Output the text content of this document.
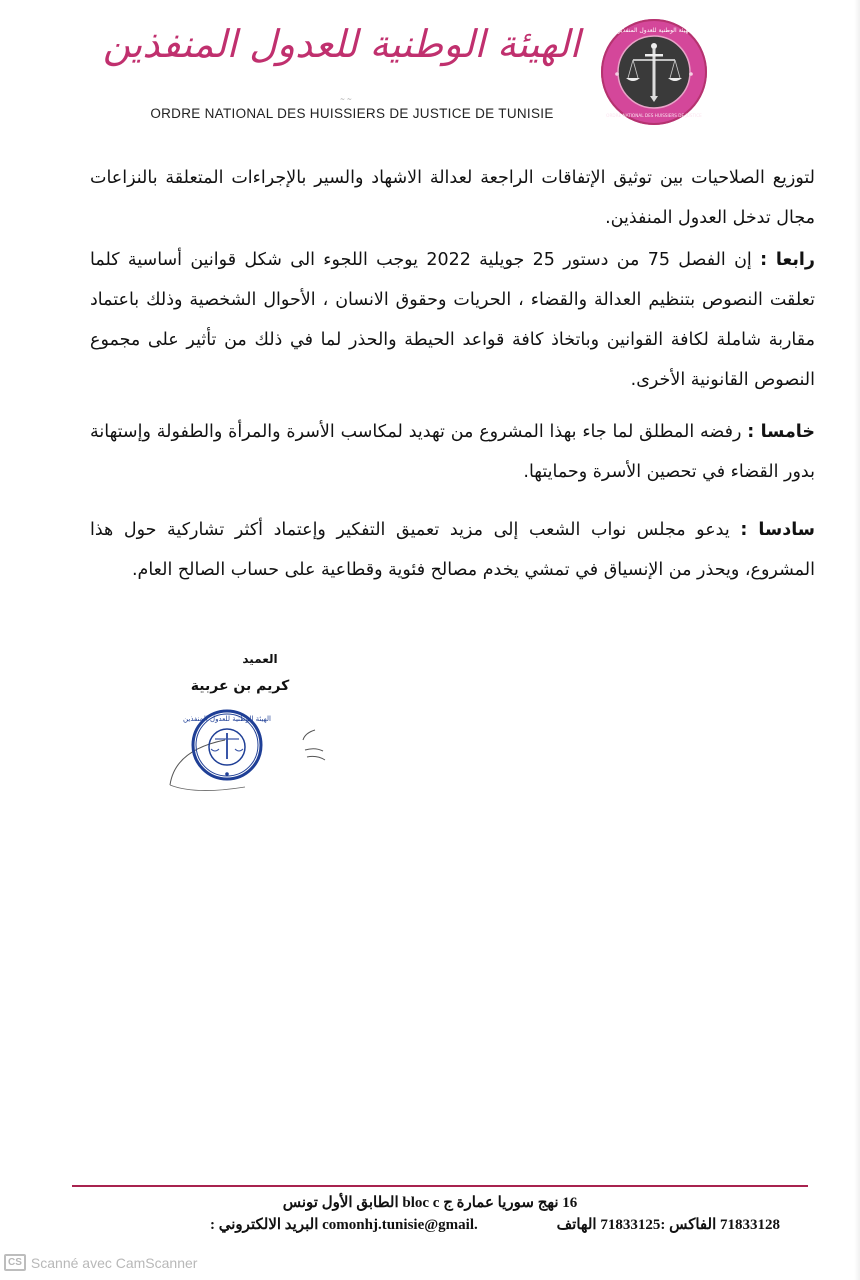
الهيئة الوطنية للعدول المنفذين
~ ~
ORDRE NATIONAL DES HUISSIERS DE JUSTICE DE TUNISIE
الهيئة الوطنية للعدول المنفذين
ORDRE NATIONAL DES HUISSIERS DE JUSTICE
لتوزيع الصلاحيات بين توثيق الإتفاقات الراجعة لعدالة الاشهاد والسير بالإجراءات المتعلقة بالنزاعات مجال تدخل العدول المنفذين.
رابعا : إن الفصل 75 من دستور 25 جويلية 2022 يوجب اللجوء الى شكل قوانين أساسية كلما تعلقت النصوص بتنظيم العدالة والقضاء ، الحريات وحقوق الانسان ، الأحوال الشخصية وذلك باعتماد مقاربة شاملة لكافة القوانين وباتخاذ كافة قواعد الحيطة والحذر لما في ذلك من تأثير على مجموع النصوص القانونية الأخرى.
خامسا : رفضه المطلق لما جاء بهذا المشروع من تهديد لمكاسب الأسرة والمرأة والطفولة وإستهانة بدور القضاء في تحصين الأسرة وحمايتها.
سادسا : يدعو مجلس نواب الشعب إلى مزيد تعميق التفكير وإعتماد أكثر تشاركية حول هذا المشروع، ويحذر من الإنسياق في تمشي يخدم مصالح فئوية وقطاعية على حساب الصالح العام.
العميد
كريم بن عربية
الهيئة الوطنية للعدول المنفذين
16 نهج سوريا عمارة ج bloc c الطابق الأول تونس
الهاتف 71833125الفاكس : 71833128
البريد الالكتروني : comonhj.tunisie@gmail.
CS Scanné avec CamScanner
